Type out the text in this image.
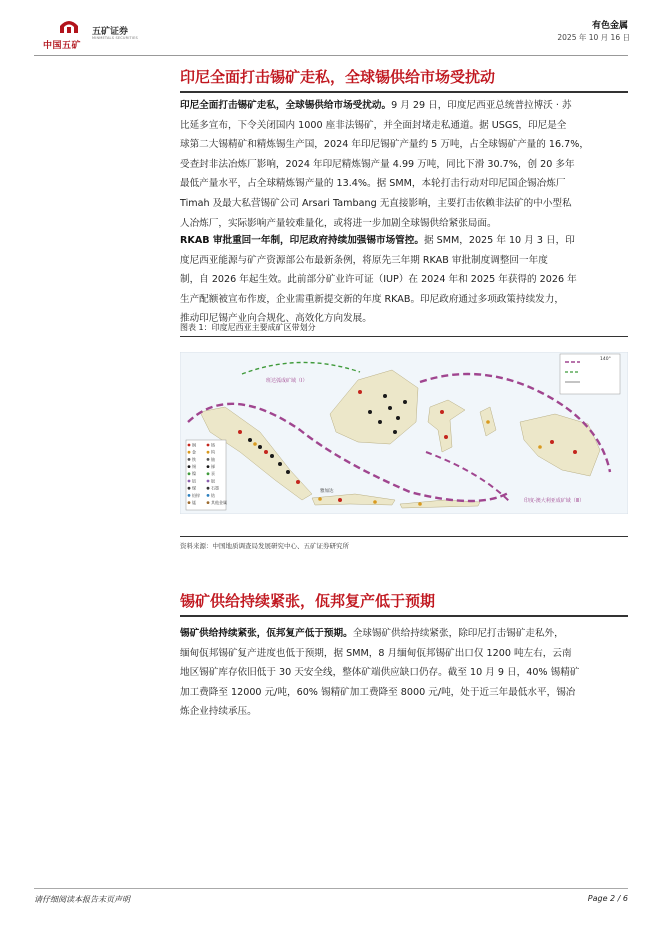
中国五矿
五矿证券
MINMETALS SECURITIES
有色金属
2025 年 10 月 16 日
印尼全面打击锡矿走私，全球锡供给市场受扰动
印尼全面打击锡矿走私，全球锡供给市场受扰动。9 月 29 日，印度尼西亚总统普拉博沃 · 苏
比延多宣布，下令关闭国内 1000 座非法锡矿，并全面封堵走私通道。据 USGS，印尼是全
球第二大锡精矿和精炼锡生产国，2024 年印尼锡矿产量约 5 万吨，占全球锡矿产量的 16.7%，
受查封非法冶炼厂影响，2024 年印尼精炼锡产量 4.99 万吨，同比下滑 30.7%，创 20 多年
最低产量水平，占全球精炼锡产量的 13.4%。据 SMM，本轮打击行动对印尼国企锡冶炼厂
Timah 及最大私营锡矿公司 Arsari Tambang 无直接影响，主要打击依赖非法矿的中小型私
人冶炼厂，实际影响产量较难量化，或将进一步加剧全球锡供给紧张局面。
RKAB 审批重回一年制，印尼政府持续加强锡市场管控。据 SMM，2025 年 10 月 3 日，印
度尼西亚能源与矿产资源部公布最新条例，将原先三年期 RKAB 审批制度调整回一年度
制，自 2026 年起生效。此前部分矿业许可证（IUP）在 2024 年和 2025 年获得的 2026 年
生产配额被宣布作废，企业需重新提交新的年度 RKAB。印尼政府通过多项政策持续发力，
推动印尼锡产业向合规化、高效化方向发展。
图表 1：印度尼西亚主要成矿区带划分
铜
金
铁
锡
镍
铝
煤
铅锌
锰
铬
钨
铀
锑
汞
银
石墨
钴
其他金属
班达弧成矿域（Ⅰ）
印度-澳大利亚成矿域（Ⅲ）
140°
雅加达
资料来源：中国地质调查局发展研究中心、五矿证券研究所
锡矿供给持续紧张，佤邦复产低于预期
锡矿供给持续紧张，佤邦复产低于预期。全球锡矿供给持续紧张，除印尼打击锡矿走私外，
缅甸佤邦锡矿复产进度也低于预期，据 SMM，8 月缅甸佤邦锡矿出口仅 1200 吨左右，云南
地区锡矿库存依旧低于 30 天安全线，整体矿端供应缺口仍存。截至 10 月 9 日，40% 锡精矿
加工费降至 12000 元/吨，60% 锡精矿加工费降至 8000 元/吨，处于近三年最低水平，锡冶
炼企业持续承压。
请仔细阅读本报告末页声明	Page 2 / 6
